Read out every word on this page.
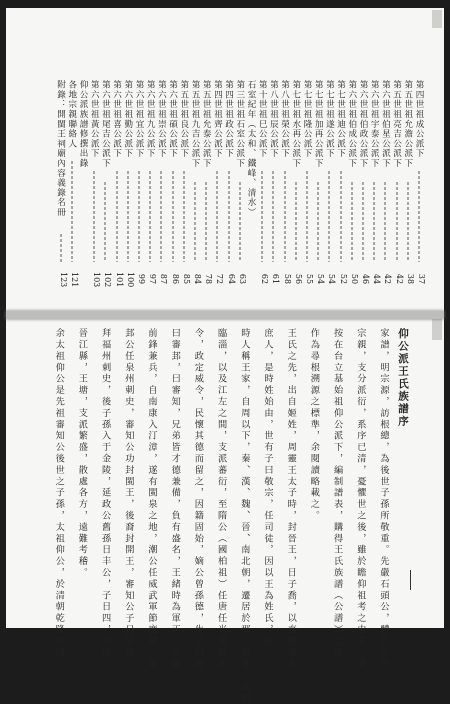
第四世祖成公派下
37
第五世祖允澹公派下
38
第五世祖亮吉公派下
42
第六世祖伯星公派下
42
第六世祖宇泰公派下
44
第六世祖伯政公派下
46
第六世祖伯成公派下
50
第七世祖迪公派下
52
第七世祖遂公派下
54
第七世祖加再公派下
54
第七世祖隆公派下
55
第七世祖水再公派下
56
第八世祖榮公派下
58
第八世祖辰公派下
61
第十世祖巳公派下
62
石室紀年（太和、鐵峰、清水）
第三世祖石室公派下
63
第四世祖政公派下
64
第四世祖齊公派下
72
第五世祖允泰公派下
78
第五世祖九吉公派下
84
第五世祖良公派下
85
第六世祖碩公派下
86
第六世祖崇公派下
87
第六世祖九公派下
97
第六世祖宜公派下
99
第六世祖勤公派下
100
第六世祖喜公派下
101
第六世祖尾吉公派下
102
第六世祖黃公派下
103
仰公派族譜修撰出錄
各地宗親聯絡人
121
附錄：開閩王祠廟內容義錄名冊
123
仰公派王氏族譜序
家譜，明宗源，訪根總，為後世子孫所敬重。先嚴石頭公，體於在台
宗親，支分派衍，系序已清，憂懼世之後，雖於瞻仰祖考之由來，謹
按在台立基始祖仰公派下，編制譜表，購得王氏族譜（公譜）乙冊，
作為尋根溯源之標準，余閱讀略載之。
王氏之先，出自姬姓，周靈王太子時，封晉王，日子喬，以直諫廢為
庶人，是時姓始由，世有子曰敬宗，任司徒，因以王為姓氏，故
時人稱王家，自周以下，秦、漢、魏、晉、南北朝，遷居於那，琅琊、太原
臨淄，以及江左之間，支派蕃衍，至隋公（國柏祖）任唐任光州固始
令，政定威令，民懷其德而留之，因籍固始，嫡公曾孫德，生子曰潮，
曰審邽，曰審知，兄弟皆才德兼備，負有盛名，王緒時為軍正，以副
前鋒兼兵，自南康入汀漳，遂有閩泉之地，潮公任威武軍節度使，審
邽公任泉州刺史，審知公功封閩王，後裔封開王，審知公子日延政，
拜福州刺史，後子孫入于金陵，延政公舊孫日丰公，子日四，徙居
晉江縣，王塘，支派繁盛，散處各方，遠難考稽。
余太祖仰公是先祖審知公後世之子孫，太祖仰公，於清朝乾隆年間，
